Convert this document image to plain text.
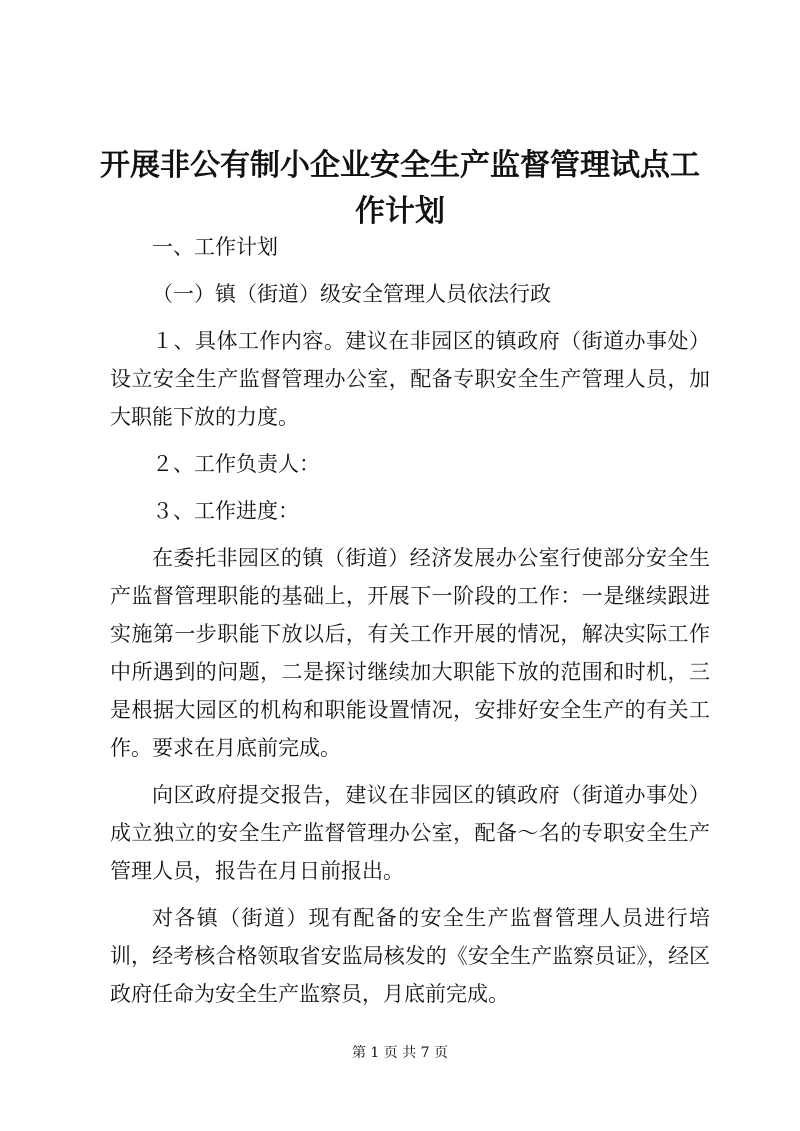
开展非公有制小企业安全生产监督管理试点工作计划

一、工作计划

（一）镇（街道）级安全管理人员依法行政

１、具体工作内容。建议在非园区的镇政府（街道办事处）设立安全生产监督管理办公室，配备专职安全生产管理人员，加大职能下放的力度。

２、工作负责人：

３、工作进度：

在委托非园区的镇（街道）经济发展办公室行使部分安全生产监督管理职能的基础上，开展下一阶段的工作：一是继续跟进实施第一步职能下放以后，有关工作开展的情况，解决实际工作中所遇到的问题，二是探讨继续加大职能下放的范围和时机，三是根据大园区的机构和职能设置情况，安排好安全生产的有关工作。要求在月底前完成。

向区政府提交报告，建议在非园区的镇政府（街道办事处）成立独立的安全生产监督管理办公室，配备～名的专职安全生产管理人员，报告在月日前报出。

对各镇（街道）现有配备的安全生产监督管理人员进行培训，经考核合格领取省安监局核发的《安全生产监察员证》，经区政府任命为安全生产监察员，月底前完成。

第 1 页 共 7 页
